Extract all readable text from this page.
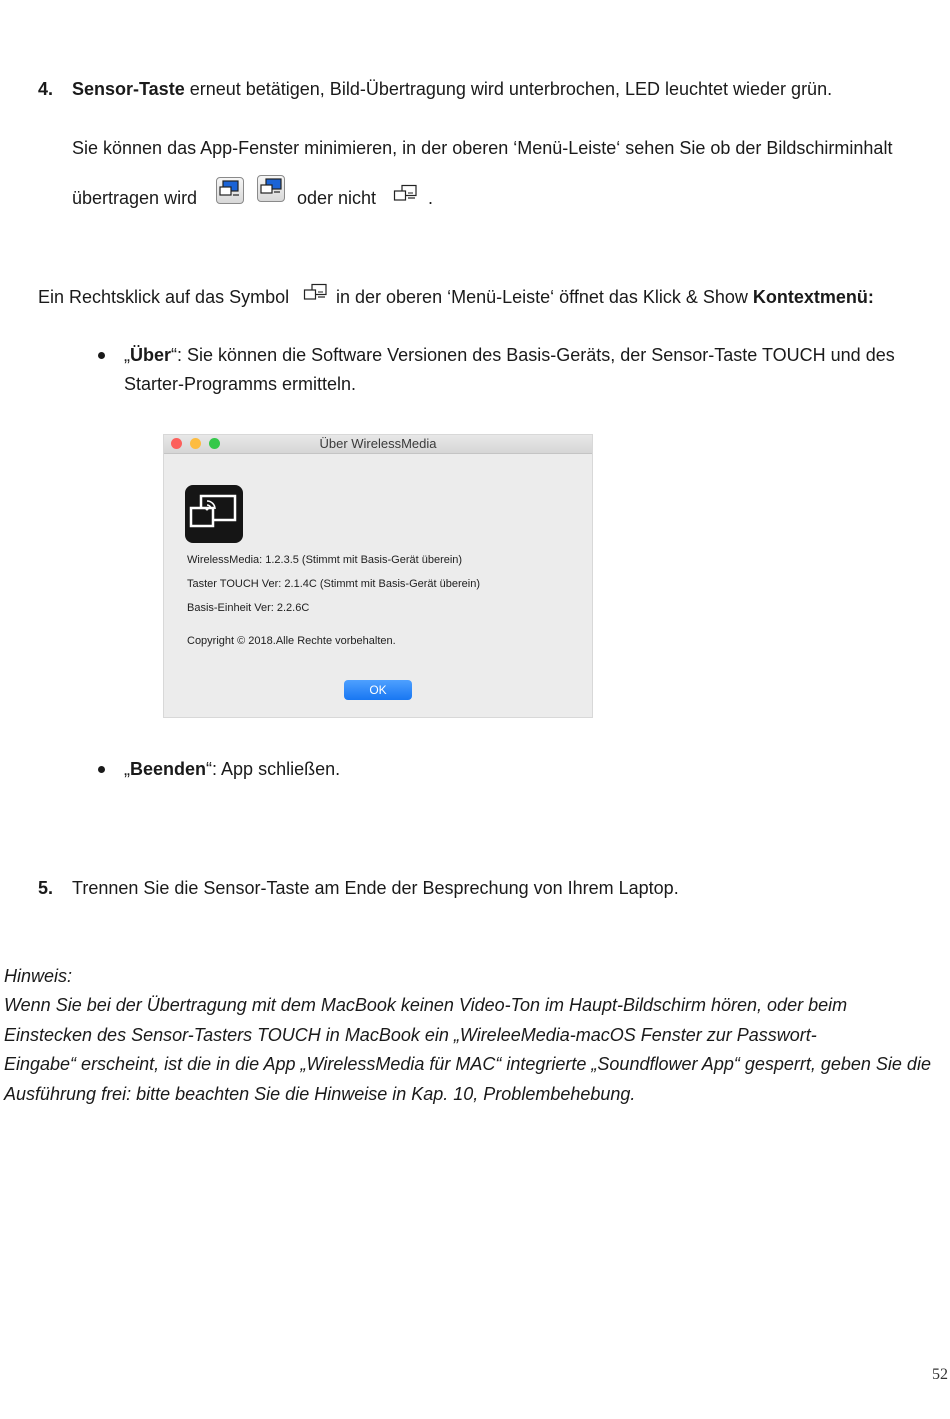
4. Sensor-Taste erneut betätigen, Bild-Übertragung wird unterbrochen, LED leuchtet wieder grün.
Sie können das App-Fenster minimieren, in der oberen ‘Menü-Leiste‘ sehen Sie ob der Bildschirminhalt
übertragen wird	oder nicht	.
Ein Rechtsklick auf das Symbol	in der oberen ‘Menü-Leiste‘ öffnet das Klick & Show Kontextmenü:
„Über“: Sie können die Software Versionen des Basis-Geräts, der Sensor-Taste TOUCH und des
Starter-Programms ermitteln.
Über WirelessMedia
WirelessMedia: 1.2.3.5 (Stimmt mit Basis-Gerät überein)
Taster TOUCH Ver: 2.1.4C (Stimmt mit Basis-Gerät überein)
Basis-Einheit Ver: 2.2.6C
Copyright © 2018.Alle Rechte vorbehalten.
OK
„Beenden“: App schließen.
5. Trennen Sie die Sensor-Taste am Ende der Besprechung von Ihrem Laptop.
Hinweis:
Wenn Sie bei der Übertragung mit dem MacBook keinen Video-Ton im Haupt-Bildschirm hören, oder beim
Einstecken des Sensor-Tasters TOUCH in MacBook ein „WireleeMedia-macOS Fenster zur Passwort-
Eingabe“ erscheint, ist die in die App „WirelessMedia für MAC“ integrierte „Soundflower App“ gesperrt, geben Sie die
Ausführung frei: bitte beachten Sie die Hinweise in Kap. 10, Problembehebung.
52
